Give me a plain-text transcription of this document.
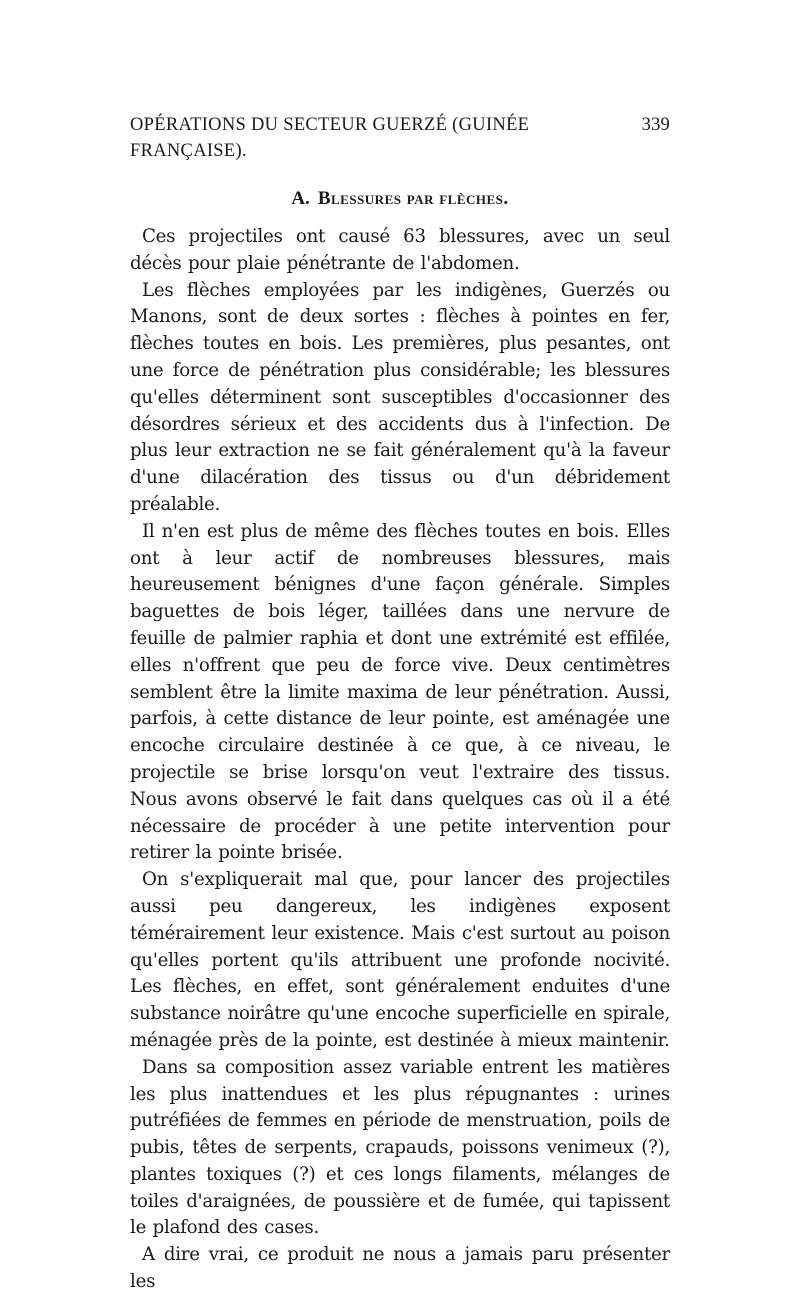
OPÉRATIONS DU SECTEUR GUERZÉ (GUINÉE FRANÇAISE).
339
A. Blessures par flèches.

Ces projectiles ont causé 63 blessures, avec un seul décès pour plaie pénétrante de l'abdomen.

Les flèches employées par les indigènes, Guerzés ou Manons, sont de deux sortes : flèches à pointes en fer, flèches toutes en bois. Les premières, plus pesantes, ont une force de pénétration plus considérable; les blessures qu'elles déterminent sont susceptibles d'occasionner des désordres sérieux et des accidents dus à l'infection. De plus leur extraction ne se fait généralement qu'à la faveur d'une dilacération des tissus ou d'un débridement préalable.

Il n'en est plus de même des flèches toutes en bois. Elles ont à leur actif de nombreuses blessures, mais heureusement bénignes d'une façon générale. Simples baguettes de bois léger, taillées dans une nervure de feuille de palmier raphia et dont une extrémité est effilée, elles n'offrent que peu de force vive. Deux centimètres semblent être la limite maxima de leur pénétration. Aussi, parfois, à cette distance de leur pointe, est aménagée une encoche circulaire destinée à ce que, à ce niveau, le projectile se brise lorsqu'on veut l'extraire des tissus. Nous avons observé le fait dans quelques cas où il a été nécessaire de procéder à une petite intervention pour retirer la pointe brisée.

On s'expliquerait mal que, pour lancer des projectiles aussi peu dangereux, les indigènes exposent témérairement leur existence. Mais c'est surtout au poison qu'elles portent qu'ils attribuent une profonde nocivité. Les flèches, en effet, sont généralement enduites d'une substance noirâtre qu'une encoche superficielle en spirale, ménagée près de la pointe, est destinée à mieux maintenir.

Dans sa composition assez variable entrent les matières les plus inattendues et les plus répugnantes : urines putréfiées de femmes en période de menstruation, poils de pubis, têtes de serpents, crapauds, poissons venimeux (?), plantes toxiques (?) et ces longs filaments, mélanges de toiles d'araignées, de poussière et de fumée, qui tapissent le plafond des cases.

A dire vrai, ce produit ne nous a jamais paru présenter les
